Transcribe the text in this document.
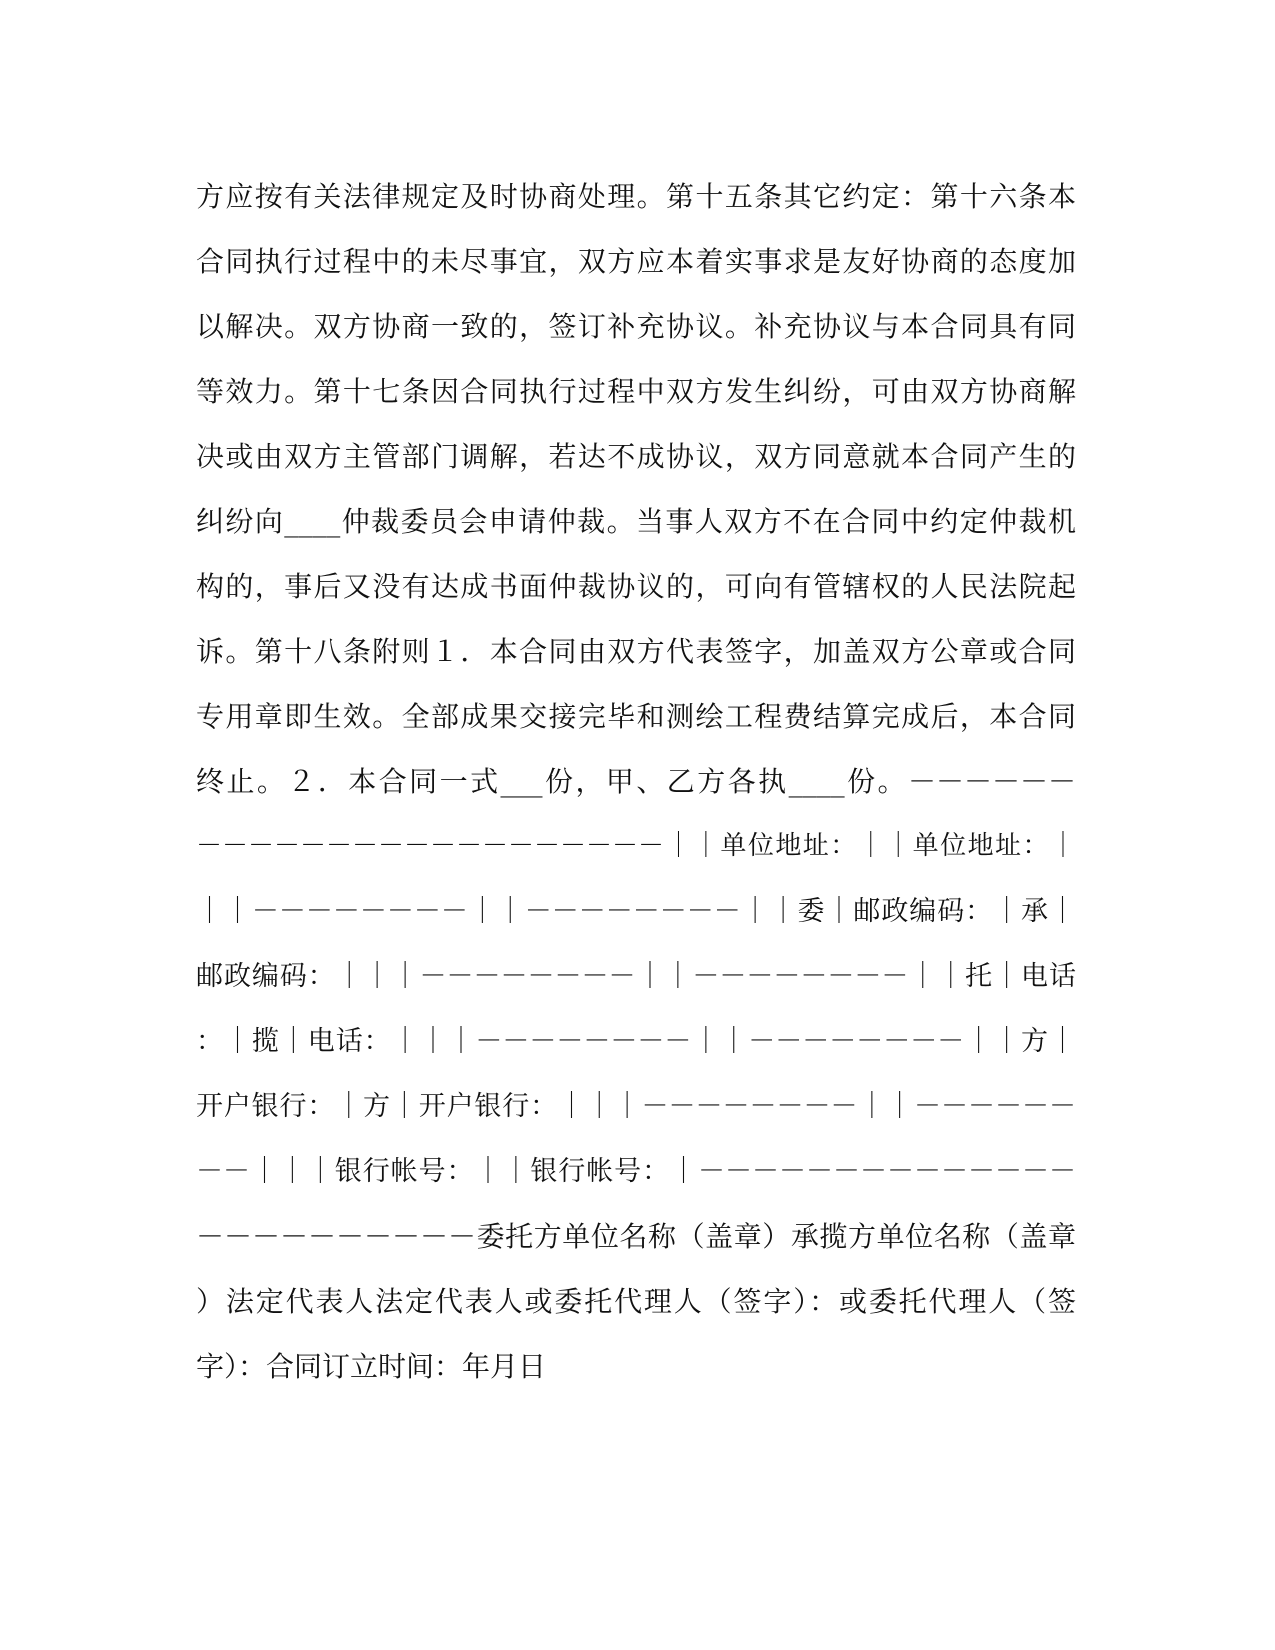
方应按有关法律规定及时协商处理。第十五条其它约定：第十六条本
合同执行过程中的未尽事宜，双方应本着实事求是友好协商的态度加
以解决。双方协商一致的，签订补充协议。补充协议与本合同具有同
等效力。第十七条因合同执行过程中双方发生纠纷，可由双方协商解
决或由双方主管部门调解，若达不成协议，双方同意就本合同产生的
纠纷向____仲裁委员会申请仲裁。当事人双方不在合同中约定仲裁机
构的，事后又没有达成书面仲裁协议的，可向有管辖权的人民法院起
诉。第十八条附则１．本合同由双方代表签字，加盖双方公章或合同
专用章即生效。全部成果交接完毕和测绘工程费结算完成后，本合同
终止。２．本合同一式___份，甲、乙方各执____份。－－－－－－
－－－－－－－－－－－－－－－－－－｜｜单位地址：｜｜单位地址：｜
｜｜－－－－－－－－｜｜－－－－－－－－｜｜委｜邮政编码：｜承｜
邮政编码：｜｜｜－－－－－－－－｜｜－－－－－－－－｜｜托｜电话
：｜揽｜电话：｜｜｜－－－－－－－－｜｜－－－－－－－－｜｜方｜
开户银行：｜方｜开户银行：｜｜｜－－－－－－－－｜｜－－－－－－
－－｜｜｜银行帐号：｜｜银行帐号：｜－－－－－－－－－－－－－－
－－－－－－－－－－委托方单位名称（盖章）承揽方单位名称（盖章
）法定代表人法定代表人或委托代理人（签字）：或委托代理人（签
字）：合同订立时间：年月日
